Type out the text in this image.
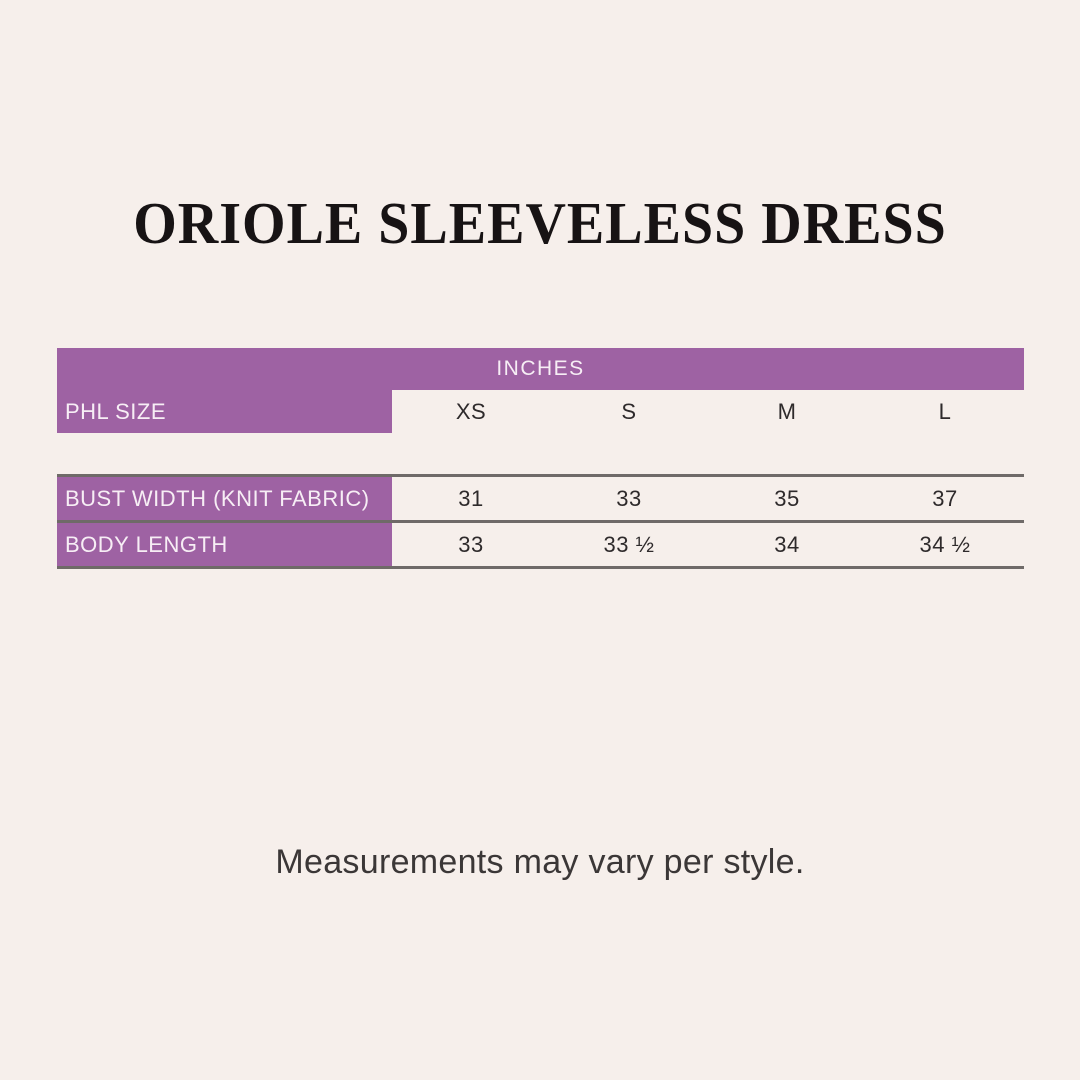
ORIOLE SLEEVELESS DRESS
INCHES
PHL SIZE	XS	S	M	L
BUST WIDTH (KNIT FABRIC)	31	33	35	37
BODY LENGTH	33	33 ½	34	34 ½

Measurements may vary per style.
